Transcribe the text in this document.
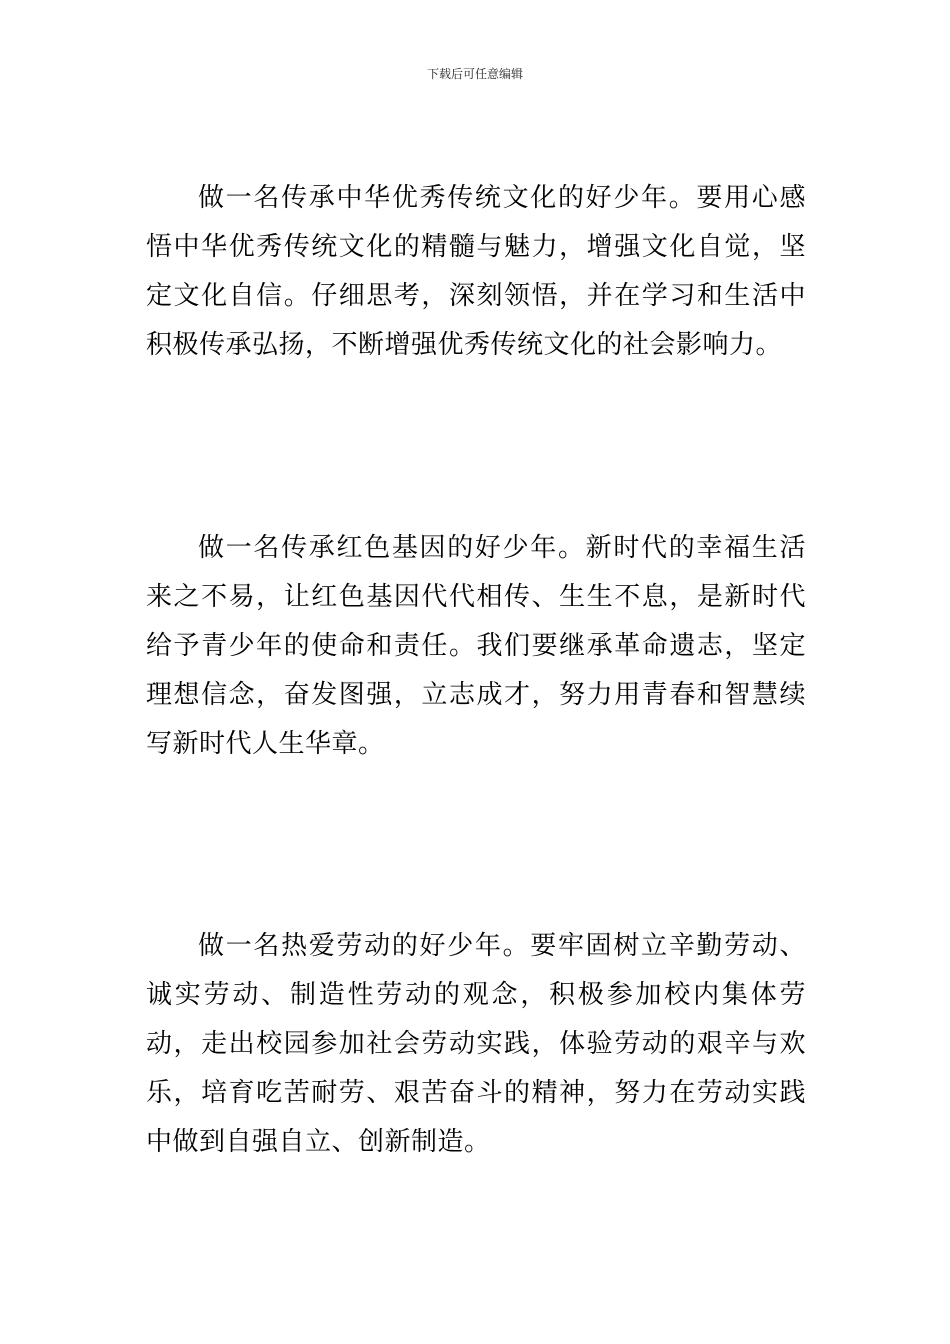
下载后可任意编辑

做一名传承中华优秀传统文化的好少年。要用心感悟中华优秀传统文化的精髓与魅力，增强文化自觉，坚定文化自信。仔细思考，深刻领悟，并在学习和生活中积极传承弘扬，不断增强优秀传统文化的社会影响力。

做一名传承红色基因的好少年。新时代的幸福生活来之不易，让红色基因代代相传、生生不息，是新时代给予青少年的使命和责任。我们要继承革命遗志，坚定理想信念，奋发图强，立志成才，努力用青春和智慧续写新时代人生华章。

做一名热爱劳动的好少年。要牢固树立辛勤劳动、诚实劳动、制造性劳动的观念，积极参加校内集体劳动，走出校园参加社会劳动实践，体验劳动的艰辛与欢乐，培育吃苦耐劳、艰苦奋斗的精神，努力在劳动实践中做到自强自立、创新制造。
